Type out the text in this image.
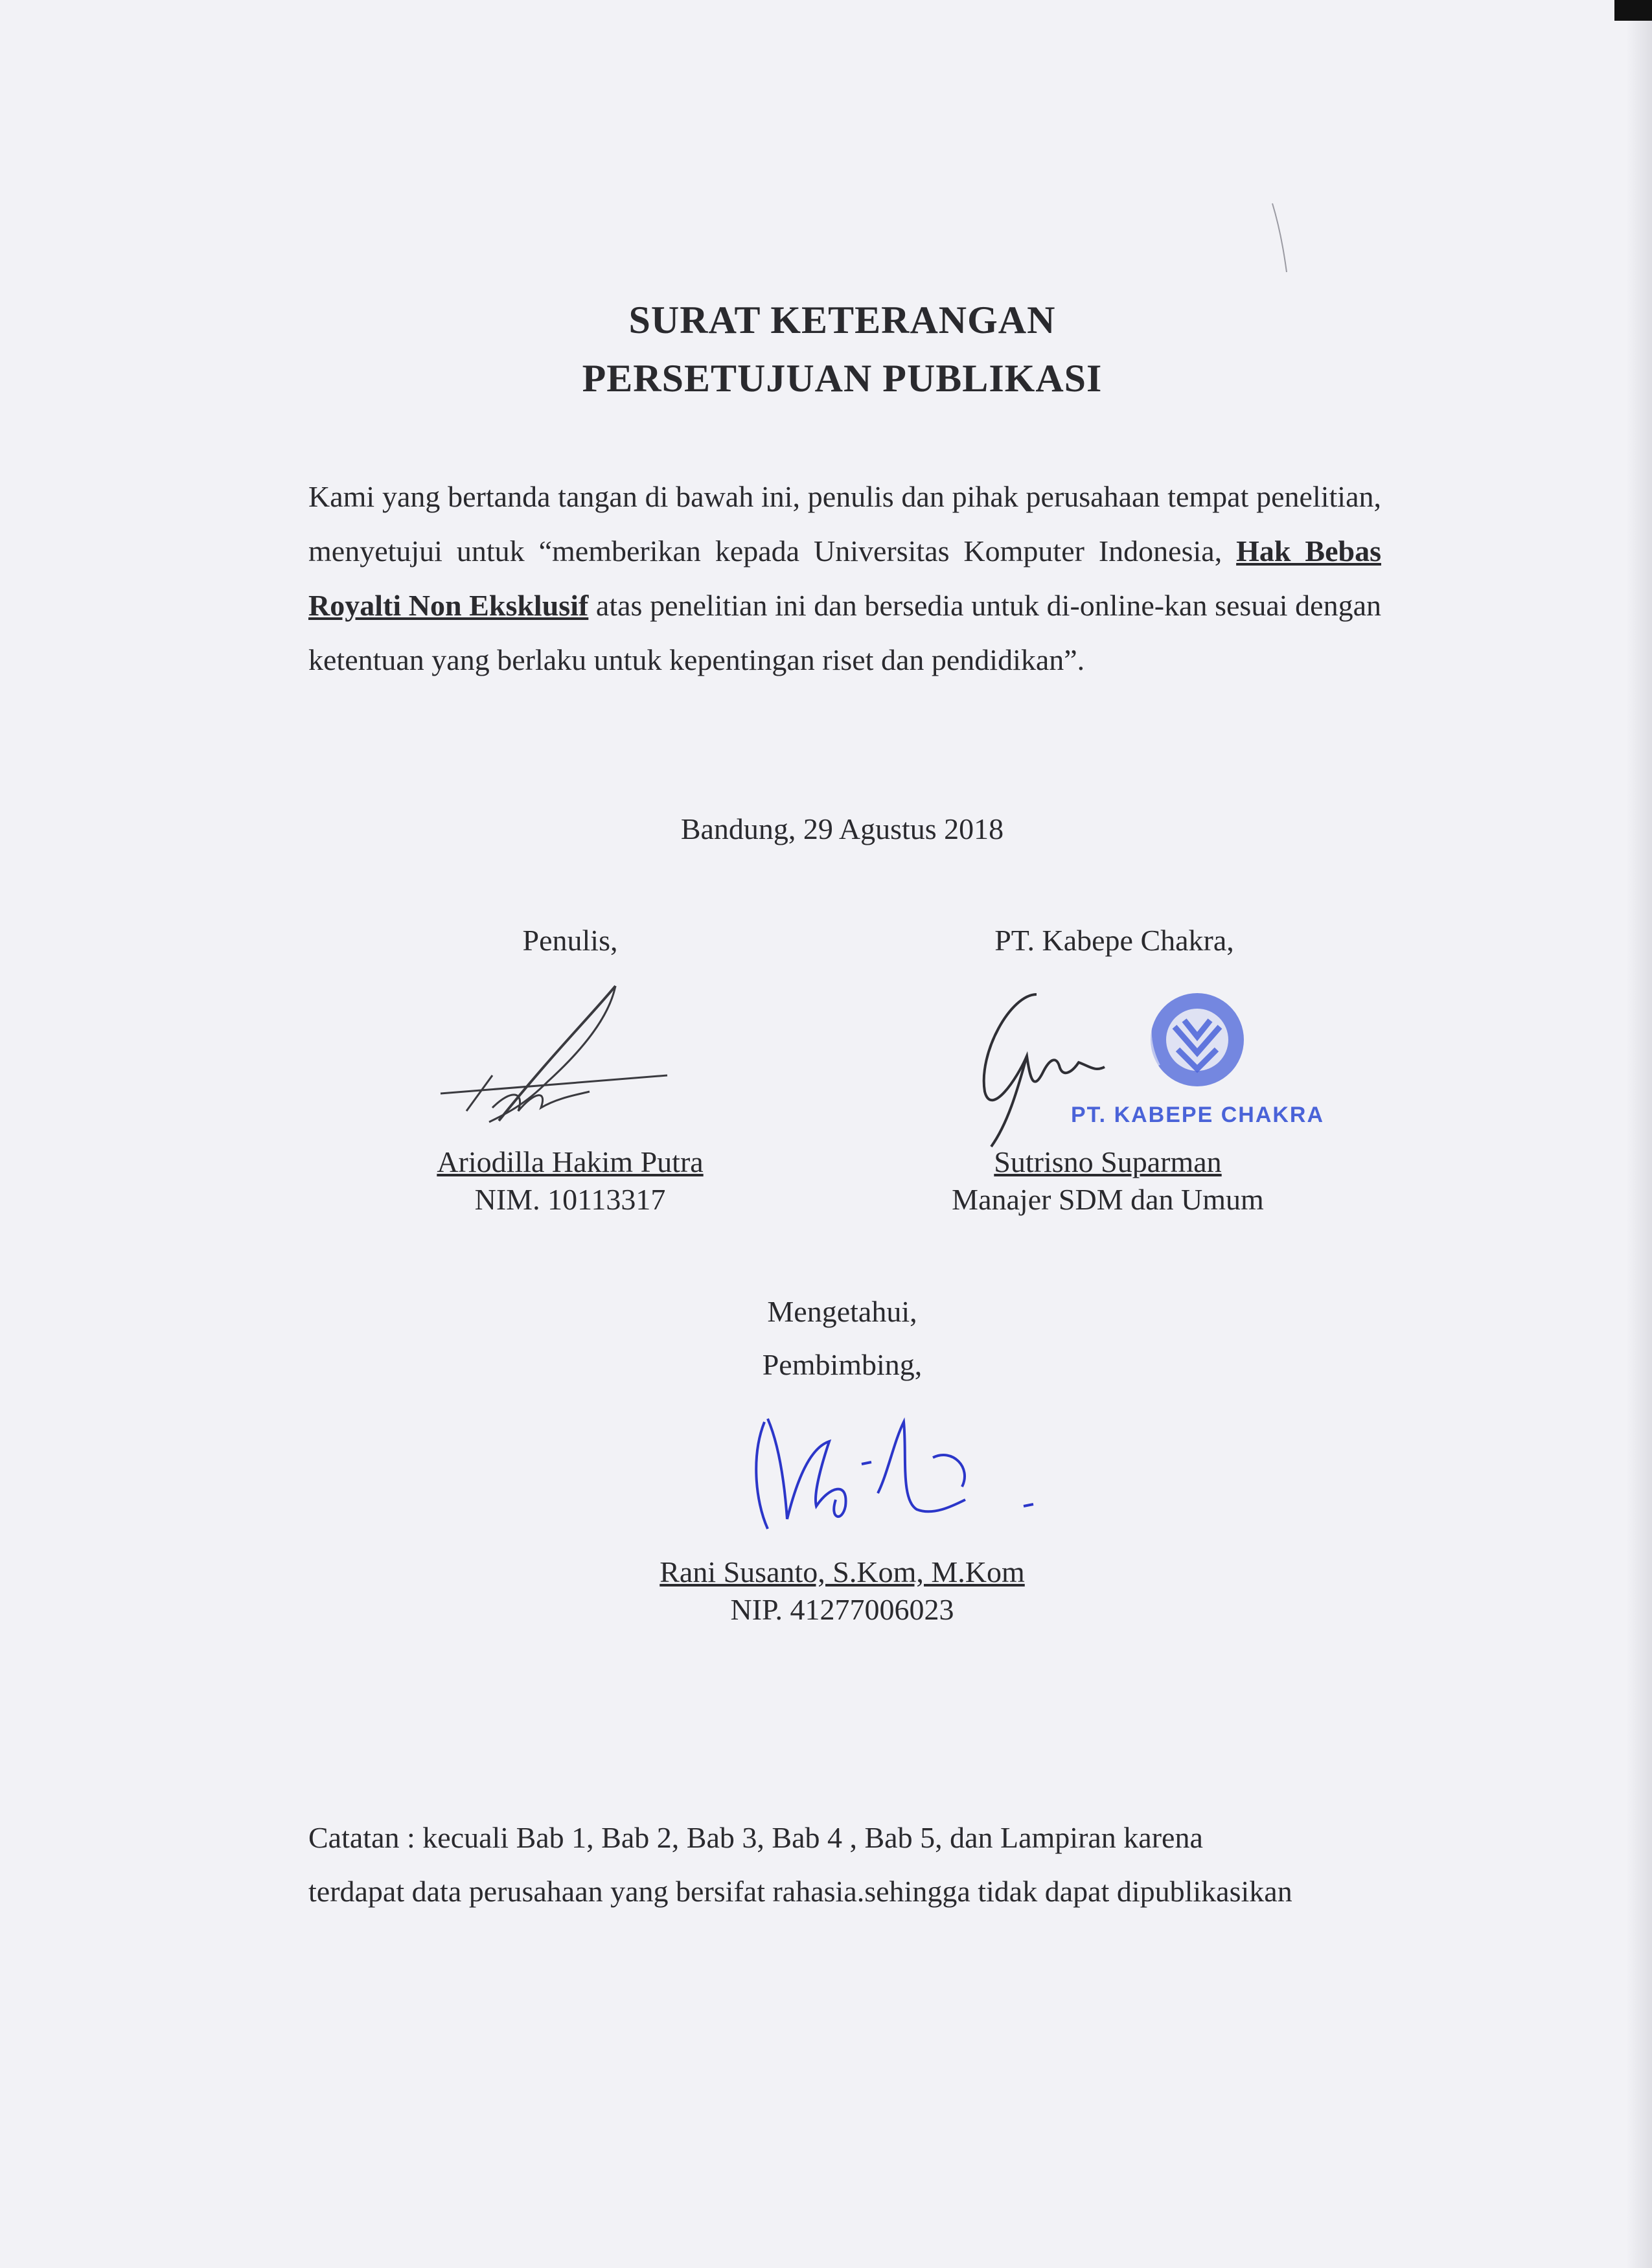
SURAT KETERANGAN
PERSETUJUAN PUBLIKASI

Kami yang bertanda tangan di bawah ini, penulis dan pihak perusahaan tempat penelitian, menyetujui untuk “memberikan kepada Universitas Komputer Indonesia, Hak Bebas Royalti Non Eksklusif atas penelitian ini dan bersedia untuk di-online-kan sesuai dengan ketentuan yang berlaku untuk kepentingan riset dan pendidikan”.

Bandung, 29 Agustus 2018
Penulis,
Ariodilla Hakim Putra
NIM. 10113317
PT. Kabepe Chakra,
PT. KABEPE CHAKRA
Sutrisno Suparman
Manajer SDM dan Umum
Mengetahui,
Pembimbing,
Rani Susanto, S.Kom, M.Kom
NIP. 41277006023
Catatan : kecuali Bab 1, Bab 2, Bab 3, Bab 4 , Bab 5, dan Lampiran karena
terdapat data perusahaan yang bersifat rahasia.sehingga tidak dapat dipublikasikan
